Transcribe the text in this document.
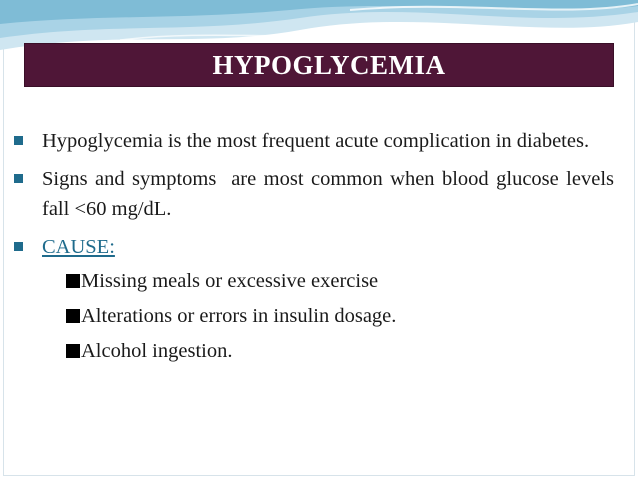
HYPOGLYCEMIA
Hypoglycemia is the most frequent acute complication in diabetes.
Signs and symptoms  are most common when blood glucose levels fall <60 mg/dL.
CAUSE:
Missing meals or excessive exercise
Alterations or errors in insulin dosage.
Alcohol ingestion.
